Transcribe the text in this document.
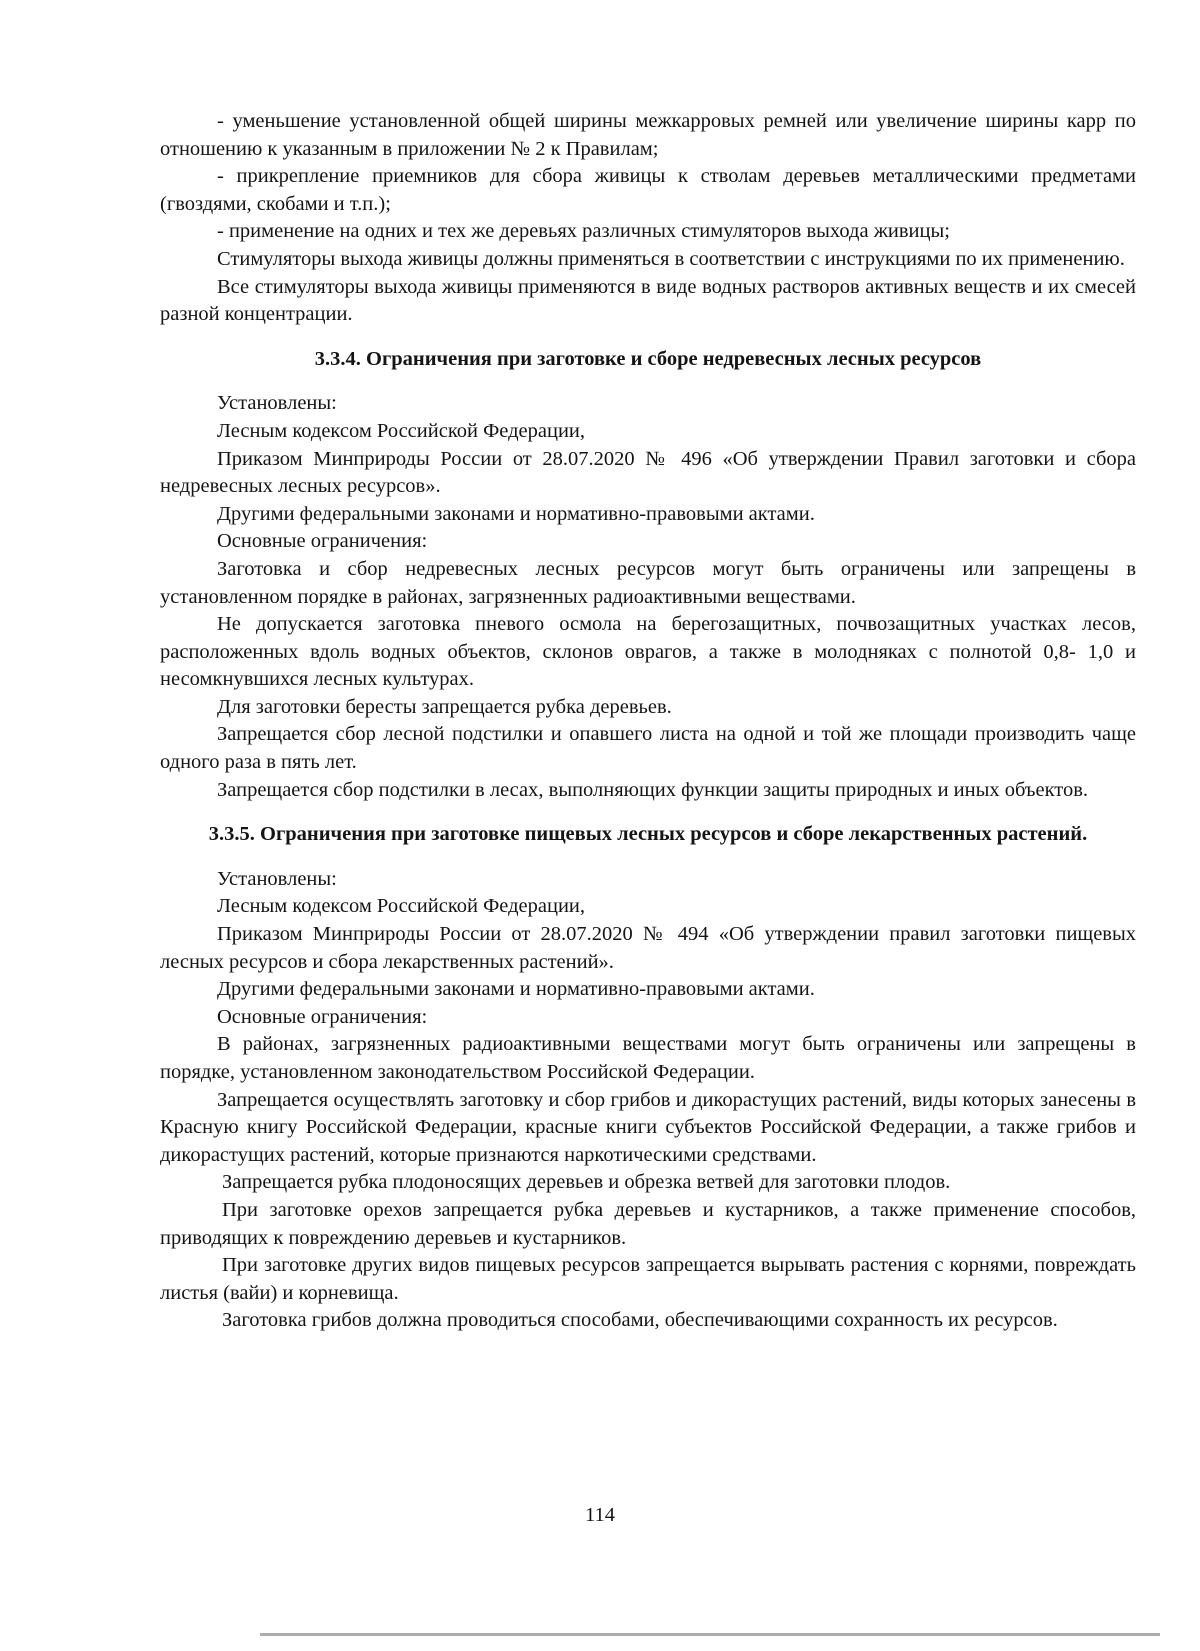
- уменьшение установленной общей ширины межкарровых ремней или увеличение ширины карр по отношению к указанным в приложении № 2 к Правилам;

- прикрепление приемников для сбора живицы к стволам деревьев металлическими предметами (гвоздями, скобами и т.п.);

- применение на одних и тех же деревьях различных стимуляторов выхода живицы;

Стимуляторы выхода живицы должны применяться в соответствии с инструкциями по их применению.

Все стимуляторы выхода живицы применяются в виде водных растворов активных веществ и их смесей разной концентрации.

3.3.4. Ограничения при заготовке и сборе недревесных лесных ресурсов

Установлены:

Лесным кодексом Российской Федерации,

Приказом Минприроды России от 28.07.2020 № 496 «Об утверждении Правил заготовки и сбора недревесных лесных ресурсов».

Другими федеральными законами и нормативно-правовыми актами.

Основные ограничения:

Заготовка и сбор недревесных лесных ресурсов могут быть ограничены или запрещены в установленном порядке в районах, загрязненных радиоактивными веществами.

Не допускается заготовка пневого осмола на берегозащитных, почвозащитных участках лесов, расположенных вдоль водных объектов, склонов оврагов, а также в молодняках с полнотой 0,8- 1,0 и несомкнувшихся лесных культурах.

Для заготовки бересты запрещается рубка деревьев.

Запрещается сбор лесной подстилки и опавшего листа на одной и той же площади производить чаще одного раза в пять лет.

Запрещается сбор подстилки в лесах, выполняющих функции защиты природных и иных объектов.

3.3.5. Ограничения при заготовке пищевых лесных ресурсов и сборе лекарственных растений.

Установлены:

Лесным кодексом Российской Федерации,

Приказом Минприроды России от 28.07.2020 № 494 «Об утверждении правил заготовки пищевых лесных ресурсов и сбора лекарственных растений».

Другими федеральными законами и нормативно-правовыми актами.

Основные ограничения:

В районах, загрязненных радиоактивными веществами могут быть ограничены или запрещены в порядке, установленном законодательством Российской Федерации.

Запрещается осуществлять заготовку и сбор грибов и дикорастущих растений, виды которых занесены в Красную книгу Российской Федерации, красные книги субъектов Российской Федерации, а также грибов и дикорастущих растений, которые признаются наркотическими средствами.

Запрещается рубка плодоносящих деревьев и обрезка ветвей для заготовки плодов.

При заготовке орехов запрещается рубка деревьев и кустарников, а также применение способов, приводящих к повреждению деревьев и кустарников.

При заготовке других видов пищевых ресурсов запрещается вырывать растения с корнями, повреждать листья (вайи) и корневища.

Заготовка грибов должна проводиться способами, обеспечивающими сохранность их ресурсов.

114
